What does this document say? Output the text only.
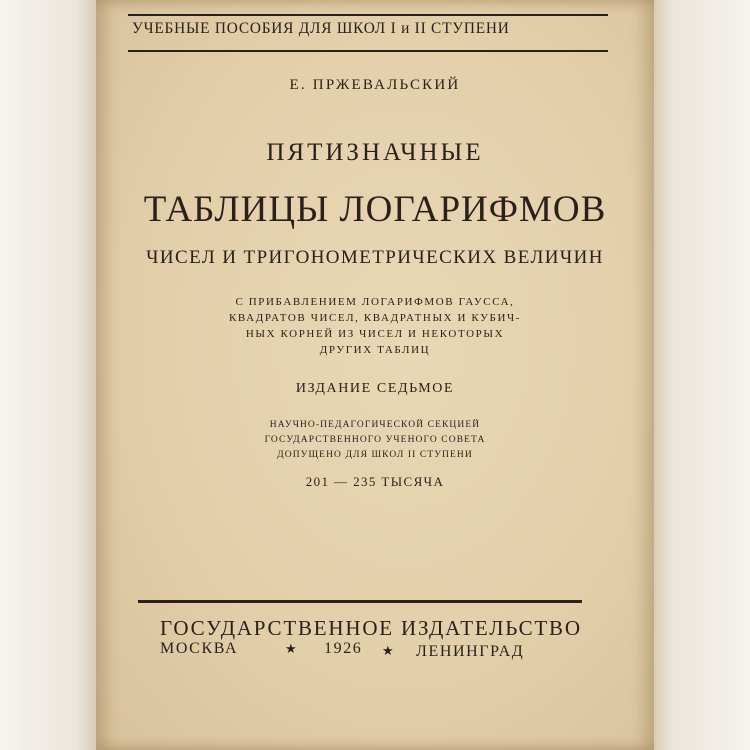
УЧЕБНЫЕ ПОСОБИЯ ДЛЯ ШКОЛ I и II СТУПЕНИ
Е. ПРЖЕВАЛЬСКИЙ
ПЯТИЗНАЧНЫЕ
ТАБЛИЦЫ ЛОГАРИФМОВ
ЧИСЕЛ И ТРИГОНОМЕТРИЧЕСКИХ ВЕЛИЧИН
С ПРИБАВЛЕНИЕМ ЛОГАРИФМОВ ГАУССА,
КВАДРАТОВ ЧИСЕЛ, КВАДРАТНЫХ И КУБИЧ-
НЫХ КОРНЕЙ ИЗ ЧИСЕЛ И НЕКОТОРЫХ
ДРУГИХ ТАБЛИЦ
ИЗДАНИЕ СЕДЬМОЕ
НАУЧНО-ПЕДАГОГИЧЕСКОЙ СЕКЦИЕЙ
ГОСУДАРСТВЕННОГО УЧЕНОГО СОВЕТА
ДОПУЩЕНО ДЛЯ ШКОЛ II СТУПЕНИ
201 — 235 ТЫСЯЧА
ГОСУДАРСТВЕННОЕ ИЗДАТЕЛЬСТВО
МОСКВА	★ 1926 ★ ЛЕНИНГРАД
